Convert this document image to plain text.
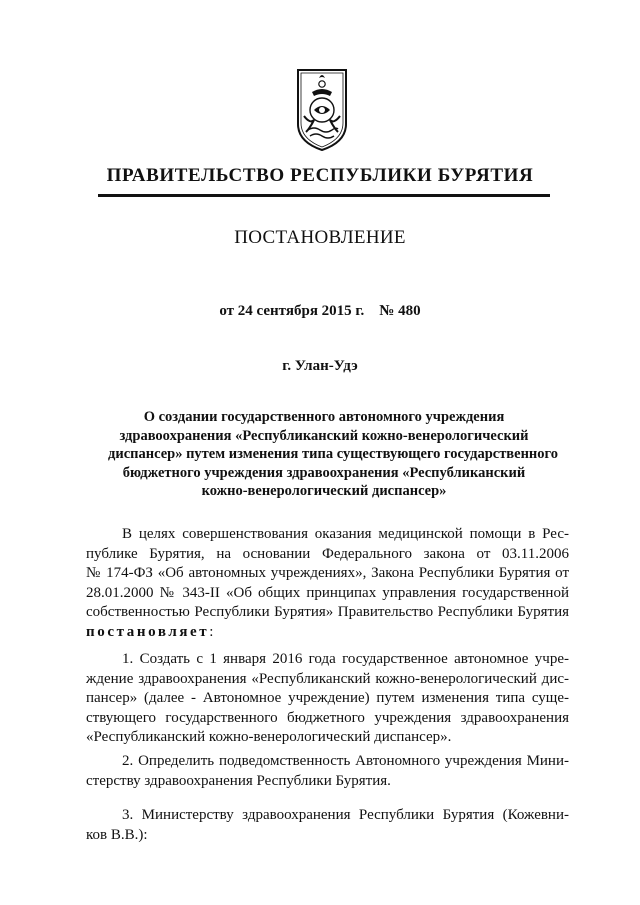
ПРАВИТЕЛЬСТВО РЕСПУБЛИКИ БУРЯТИЯ
ПОСТАНОВЛЕНИЕ
от 24 сентября 2015 г.    № 480
г. Улан-Удэ
О создании государственного автономного учреждения
здравоохранения «Республиканский кожно-венерологический
диспансер» путем изменения типа существующего государственного
бюджетного учреждения здравоохранения «Республиканский
кожно-венерологический диспансер»
В целях совершенствования оказания медицинской помощи в Рес-
публике Бурятия, на основании Федерального закона от 03.11.2006
№ 174-ФЗ «Об автономных учреждениях», Закона Республики Бурятия от
28.01.2000 № 343-II «Об общих принципах управления государственной
собственностью Республики Бурятия» Правительство Республики Бурятия
постановляет:
1. Создать с 1 января 2016 года государственное автономное учре-
ждение здравоохранения «Республиканский кожно-венерологический дис-
пансер» (далее - Автономное учреждение) путем изменения типа суще-
ствующего государственного бюджетного учреждения здравоохранения
«Республиканский кожно-венерологический диспансер».
2. Определить подведомственность Автономного учреждения Мини-
стерству здравоохранения Республики Бурятия.
3. Министерству здравоохранения Республики Бурятия (Кожевни-
ков В.В.):
